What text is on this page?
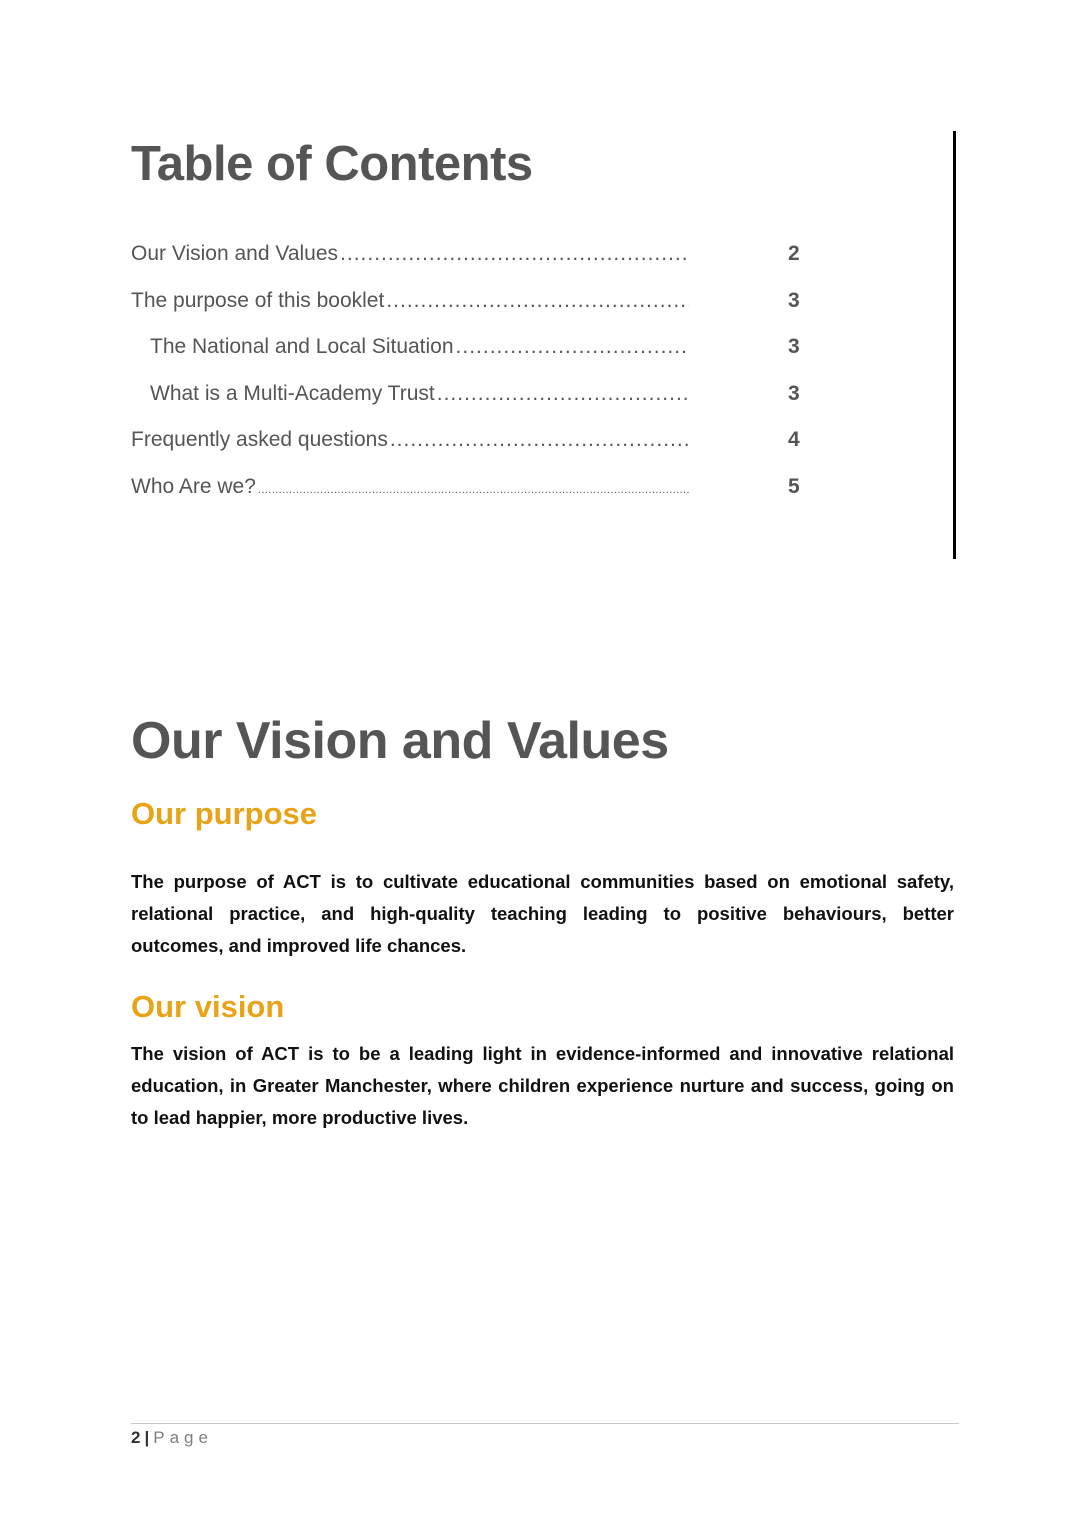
Table of Contents
Our Vision and Values .....	2
The purpose of this booklet .....	3
The National and Local Situation .....	3
What is a Multi-Academy Trust .....	3
Frequently asked questions .....	4
Who Are we? .....	5
Our Vision and Values
Our purpose

The purpose of ACT is to cultivate educational communities based on emotional safety, relational practice, and high-quality teaching leading to positive behaviours, better outcomes, and improved life chances.

Our vision

The vision of ACT is to be a leading light in evidence-informed and innovative relational education, in Greater Manchester, where children experience nurture and success, going on to lead happier, more productive lives.

2 | Page
